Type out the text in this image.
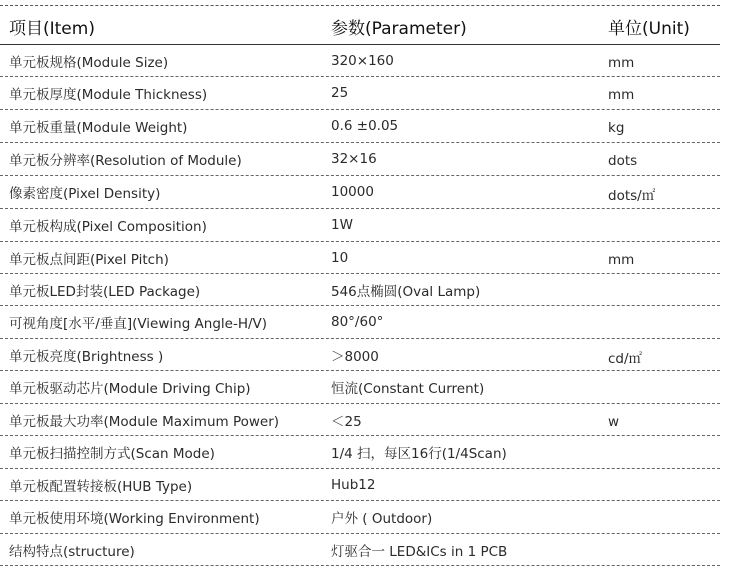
项目(Item)	参数(Parameter)	单位(Unit)
单元板规格(Module Size)	320×160	mm
单元板厚度(Module Thickness)	25	mm
单元板重量(Module Weight)	0.6 ±0.05	kg
单元板分辨率(Resolution of Module)	32×16	dots
像素密度(Pixel Density)	10000	dots/㎡
单元板构成(Pixel Composition)	1W
单元板点间距(Pixel Pitch)	10	mm
单元板LED封装(LED Package)	546点椭圆(Oval Lamp)
可视角度[水平/垂直](Viewing Angle-H/V)	80°/60°
单元板亮度(Brightness )	＞8000	cd/㎡
单元板驱动芯片(Module Driving Chip)	恒流(Constant Current)
单元板最大功率(Module Maximum Power)	＜25	w
单元板扫描控制方式(Scan Mode)	1/4 扫，每区16行(1/4Scan)
单元板配置转接板(HUB Type)	Hub12
单元板使用环境(Working Environment)	户外 ( Outdoor)
结构特点(structure)	灯驱合一 LED&ICs in 1 PCB
